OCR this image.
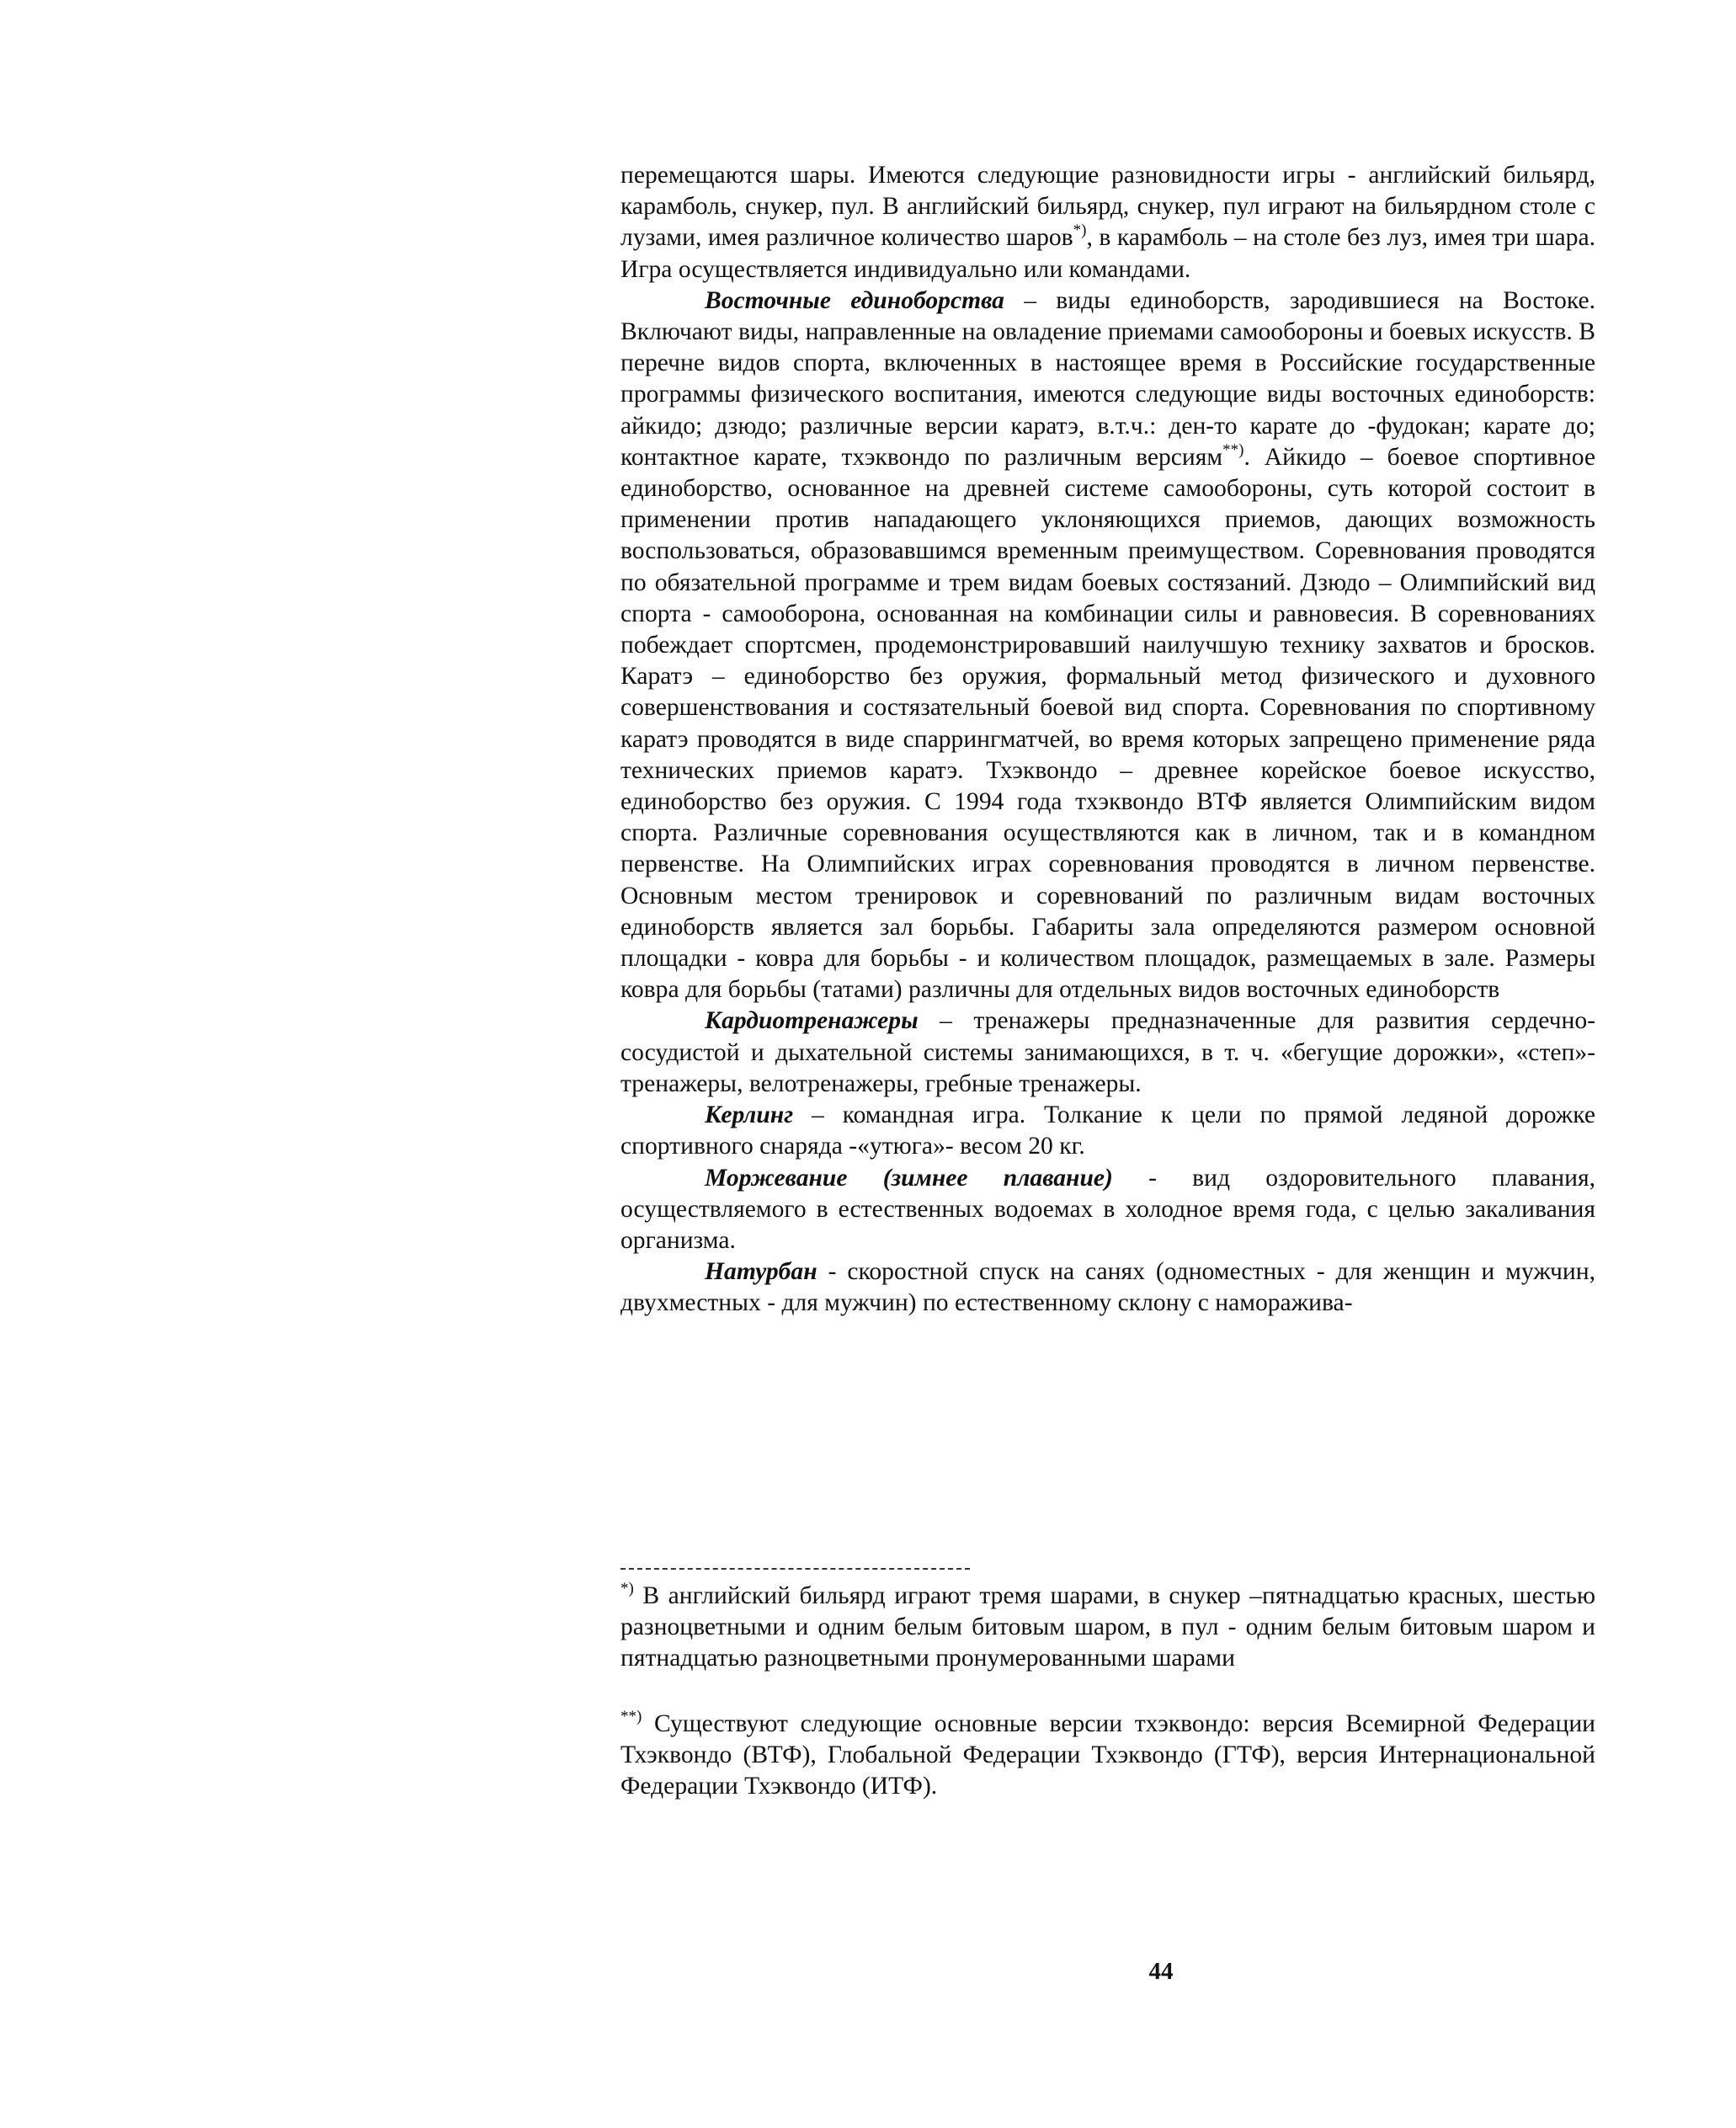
перемещаются шары. Имеются следующие разновидности игры - английский бильярд, карамболь, снукер, пул. В английский бильярд, снукер, пул играют на бильярдном столе с лузами, имея различное количество шаров*), в карамболь – на столе без луз, имея три шара. Игра осуществляется индивидуально или командами.

Восточные единоборства – виды единоборств, зародившиеся на Востоке. Включают виды, направленные на овладение приемами самообороны и боевых искусств. В перечне видов спорта, включенных в настоящее время в Российские государственные программы физического воспитания, имеются следующие виды восточных единоборств: айкидо; дзюдо; различные версии каратэ, в.т.ч.: ден-то карате до -фудокан; карате до; контактное карате, тхэквондо по различным версиям**). Айкидо – боевое спортивное единоборство, основанное на древней системе самообороны, суть которой состоит в применении против нападающего уклоняющихся приемов, дающих возможность воспользоваться, образовавшимся временным преимуществом. Соревнования проводятся по обязательной программе и трем видам боевых состязаний. Дзюдо – Олимпийский вид спорта - самооборона, основанная на комбинации силы и равновесия. В соревнованиях побеждает спортсмен, продемонстрировавший наилучшую технику захватов и бросков. Каратэ – единоборство без оружия, формальный метод физического и духовного совершенствования и состязательный боевой вид спорта. Соревнования по спортивному каратэ проводятся в виде спаррингматчей, во время которых запрещено применение ряда технических приемов каратэ. Тхэквондо – древнее корейское боевое искусство, единоборство без оружия. С 1994 года тхэквондо ВТФ является Олимпийским видом спорта. Различные соревнования осуществляются как в личном, так и в командном первенстве. На Олимпийских играх соревнования проводятся в личном первенстве. Основным местом тренировок и соревнований по различным видам восточных единоборств является зал борьбы. Габариты зала определяются размером основной площадки - ковра для борьбы - и количеством площадок, размещаемых в зале. Размеры ковра для борьбы (татами) различны для отдельных видов восточных единоборств

Кардиотренажеры – тренажеры предназначенные для развития сердечно- сосудистой и дыхательной системы занимающихся, в т. ч. «бегущие дорожки», «степ»- тренажеры, велотренажеры, гребные тренажеры.

Керлинг – командная игра. Толкание к цели по прямой ледяной дорожке спортивного снаряда -«утюга»- весом 20 кг.

Моржевание (зимнее плавание) - вид оздоровительного плавания, осуществляемого в естественных водоемах в холодное время года, с целью закаливания организма.

Натурбан - скоростной спуск на санях (одноместных - для женщин и мужчин, двухместных - для мужчин) по естественному склону с наморажива-

*) В английский бильярд играют тремя шарами, в снукер –пятнадцатью красных, шестью разноцветными и одним белым битовым шаром, в пул - одним белым битовым шаром и пятнадцатью разноцветными пронумерованными шарами

**) Существуют следующие основные версии тхэквондо: версия Всемирной Федерации Тхэквондо (ВТФ), Глобальной Федерации Тхэквондо (ГТФ), версия Интернациональной Федерации Тхэквондо (ИТФ).

44
